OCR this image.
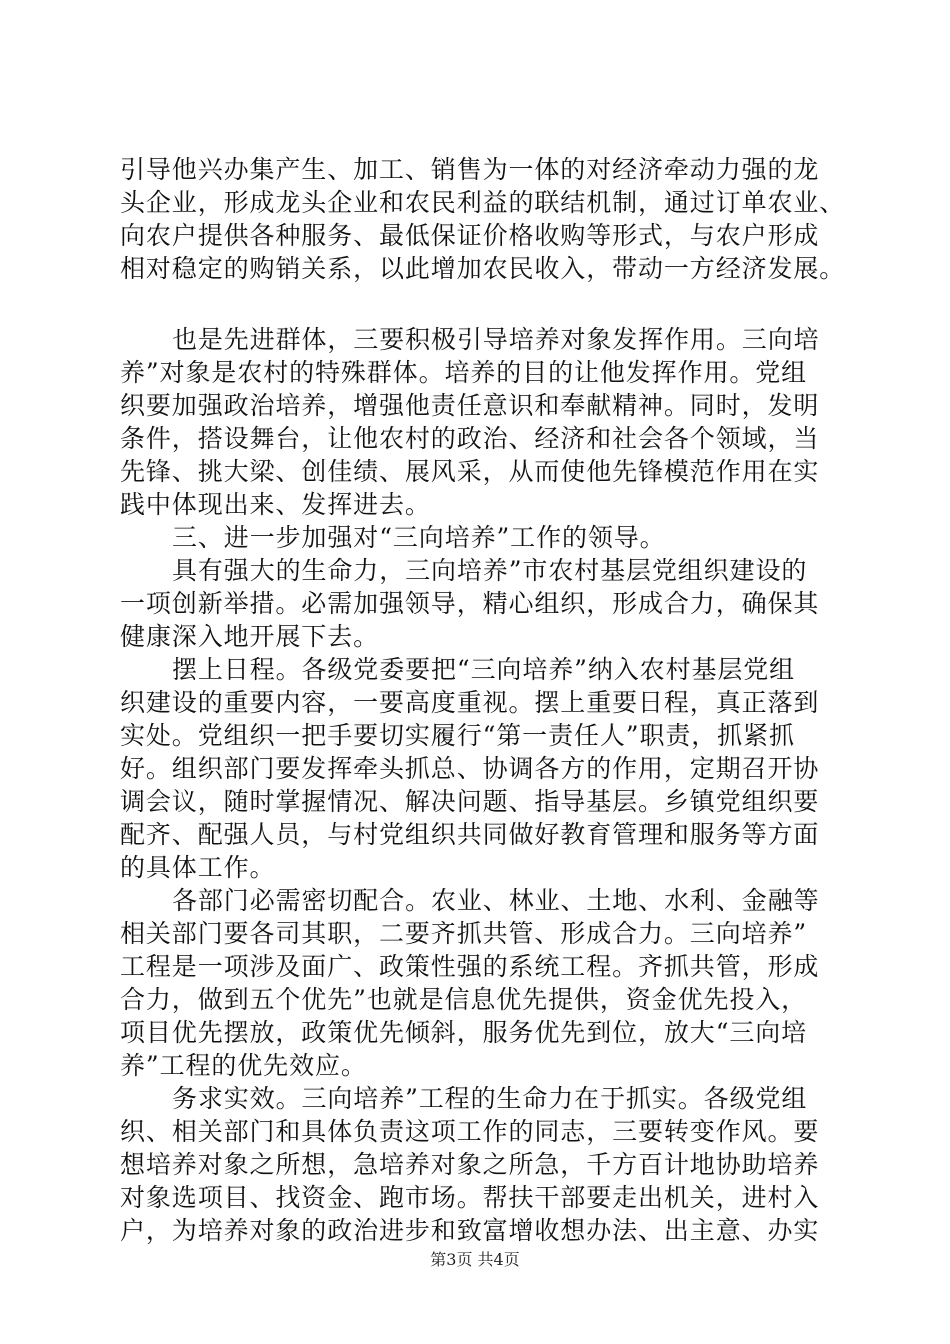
引导他兴办集产生、加工、销售为一体的对经济牵动力强的龙
头企业，形成龙头企业和农民利益的联结机制，通过订单农业、
向农户提供各种服务、最低保证价格收购等形式，与农户形成
相对稳定的购销关系，以此增加农民收入，带动一方经济发展。
也是先进群体，三要积极引导培养对象发挥作用。三向培
养”对象是农村的特殊群体。培养的目的让他发挥作用。党组
织要加强政治培养，增强他责任意识和奉献精神。同时，发明
条件，搭设舞台，让他农村的政治、经济和社会各个领域，当
先锋、挑大梁、创佳绩、展风采，从而使他先锋模范作用在实
践中体现出来、发挥进去。
三、进一步加强对“三向培养”工作的领导。
具有强大的生命力，三向培养”市农村基层党组织建设的
一项创新举措。必需加强领导，精心组织，形成合力，确保其
健康深入地开展下去。
摆上日程。各级党委要把“三向培养”纳入农村基层党组
织建设的重要内容，一要高度重视。摆上重要日程，真正落到
实处。党组织一把手要切实履行“第一责任人”职责，抓紧抓
好。组织部门要发挥牵头抓总、协调各方的作用，定期召开协
调会议，随时掌握情况、解决问题、指导基层。乡镇党组织要
配齐、配强人员，与村党组织共同做好教育管理和服务等方面
的具体工作。
各部门必需密切配合。农业、林业、土地、水利、金融等
相关部门要各司其职，二要齐抓共管、形成合力。三向培养”
工程是一项涉及面广、政策性强的系统工程。齐抓共管，形成
合力，做到五个优先”也就是信息优先提供，资金优先投入，
项目优先摆放，政策优先倾斜，服务优先到位，放大“三向培
养”工程的优先效应。
务求实效。三向培养”工程的生命力在于抓实。各级党组
织、相关部门和具体负责这项工作的同志，三要转变作风。要
想培养对象之所想，急培养对象之所急，千方百计地协助培养
对象选项目、找资金、跑市场。帮扶干部要走出机关，进村入
户，为培养对象的政治进步和致富增收想办法、出主意、办实
第3页 共4页
